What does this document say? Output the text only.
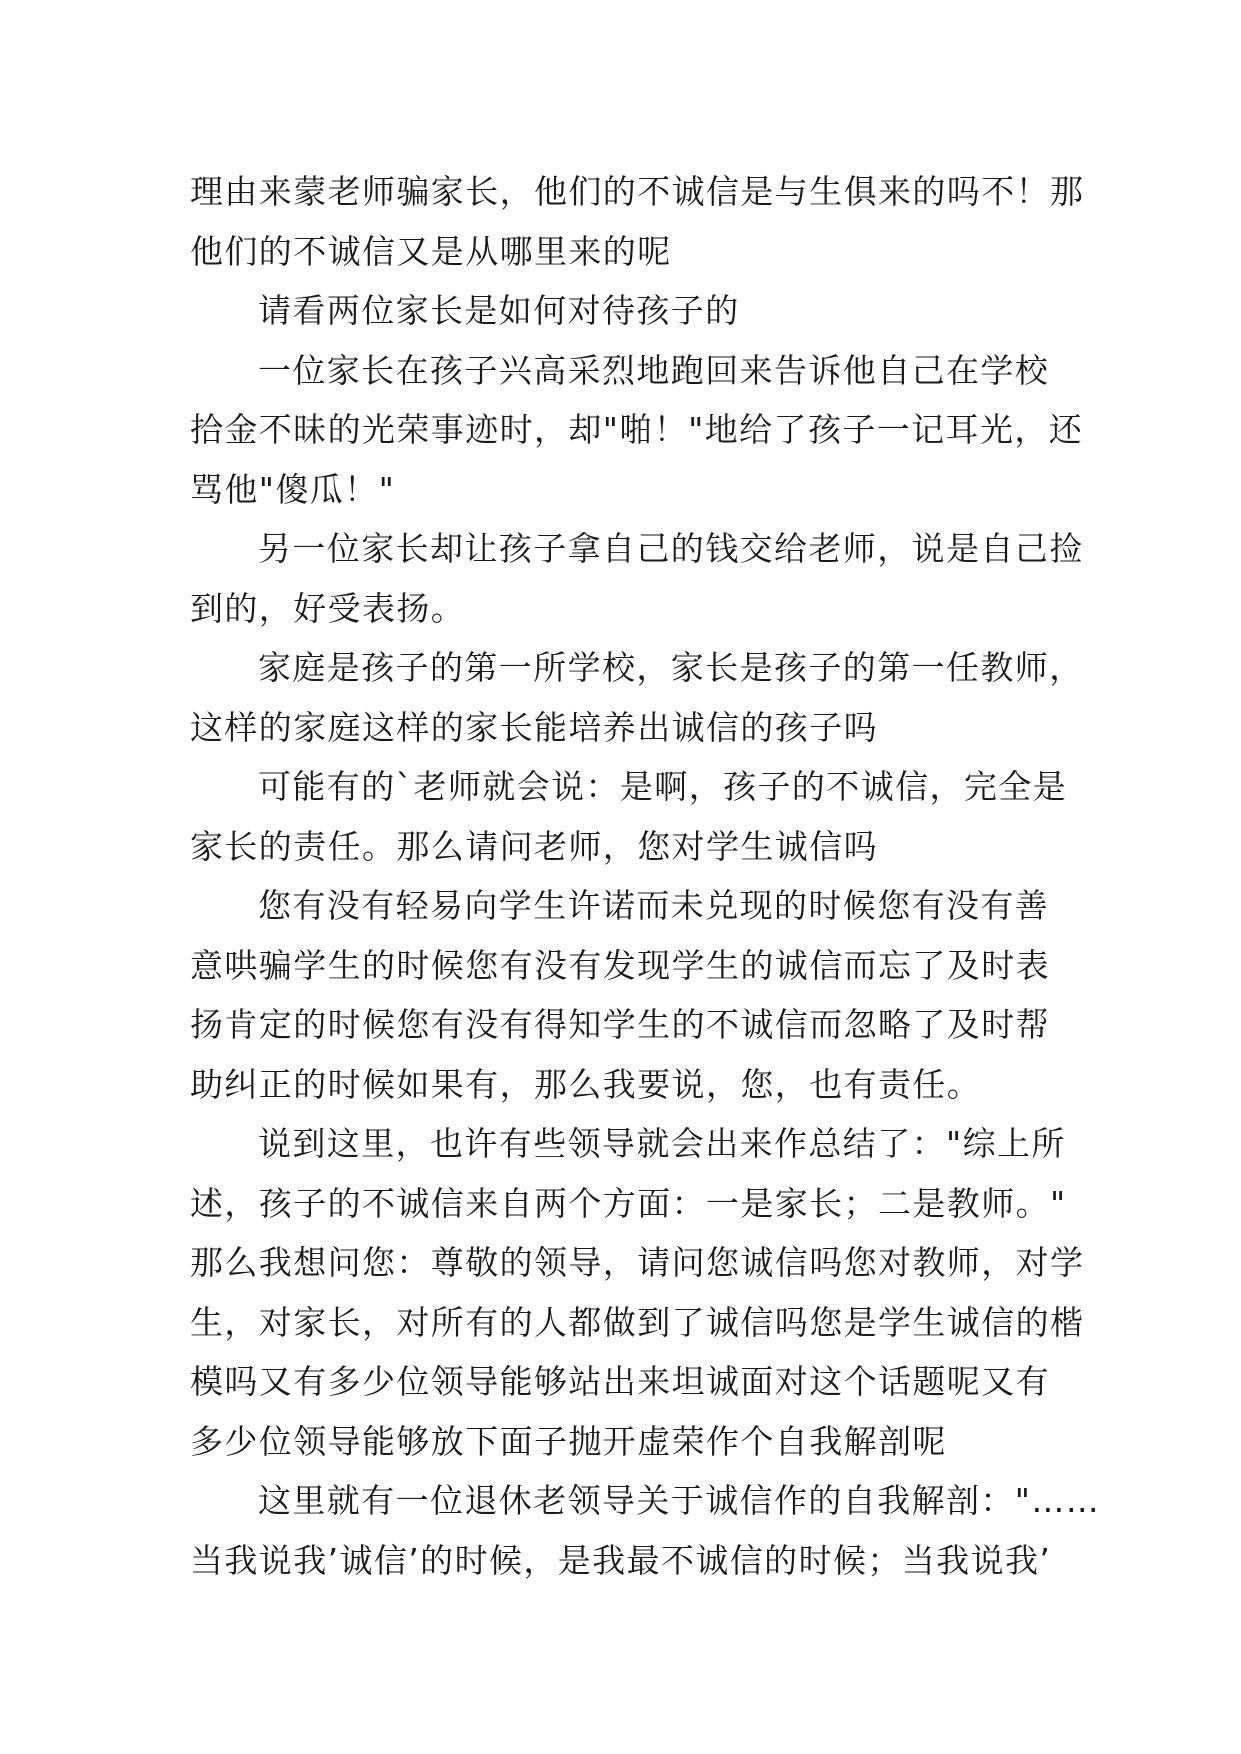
理由来蒙老师骗家长，他们的不诚信是与生俱来的吗不！那
他们的不诚信又是从哪里来的呢

请看两位家长是如何对待孩子的

一位家长在孩子兴高采烈地跑回来告诉他自己在学校
拾金不昧的光荣事迹时，却"啪！"地给了孩子一记耳光，还
骂他"傻瓜！"

另一位家长却让孩子拿自己的钱交给老师，说是自己捡
到的，好受表扬。

家庭是孩子的第一所学校，家长是孩子的第一任教师，
这样的家庭这样的家长能培养出诚信的孩子吗

可能有的`老师就会说：是啊，孩子的不诚信，完全是
家长的责任。那么请问老师，您对学生诚信吗

您有没有轻易向学生许诺而未兑现的时候您有没有善
意哄骗学生的时候您有没有发现学生的诚信而忘了及时表
扬肯定的时候您有没有得知学生的不诚信而忽略了及时帮
助纠正的时候如果有，那么我要说，您，也有责任。

说到这里，也许有些领导就会出来作总结了："综上所
述，孩子的不诚信来自两个方面：一是家长；二是教师。"
那么我想问您：尊敬的领导，请问您诚信吗您对教师，对学
生，对家长，对所有的人都做到了诚信吗您是学生诚信的楷
模吗又有多少位领导能够站出来坦诚面对这个话题呢又有
多少位领导能够放下面子抛开虚荣作个自我解剖呢

这里就有一位退休老领导关于诚信作的自我解剖："……
当我说我’诚信’的时候，是我最不诚信的时候；当我说我’
